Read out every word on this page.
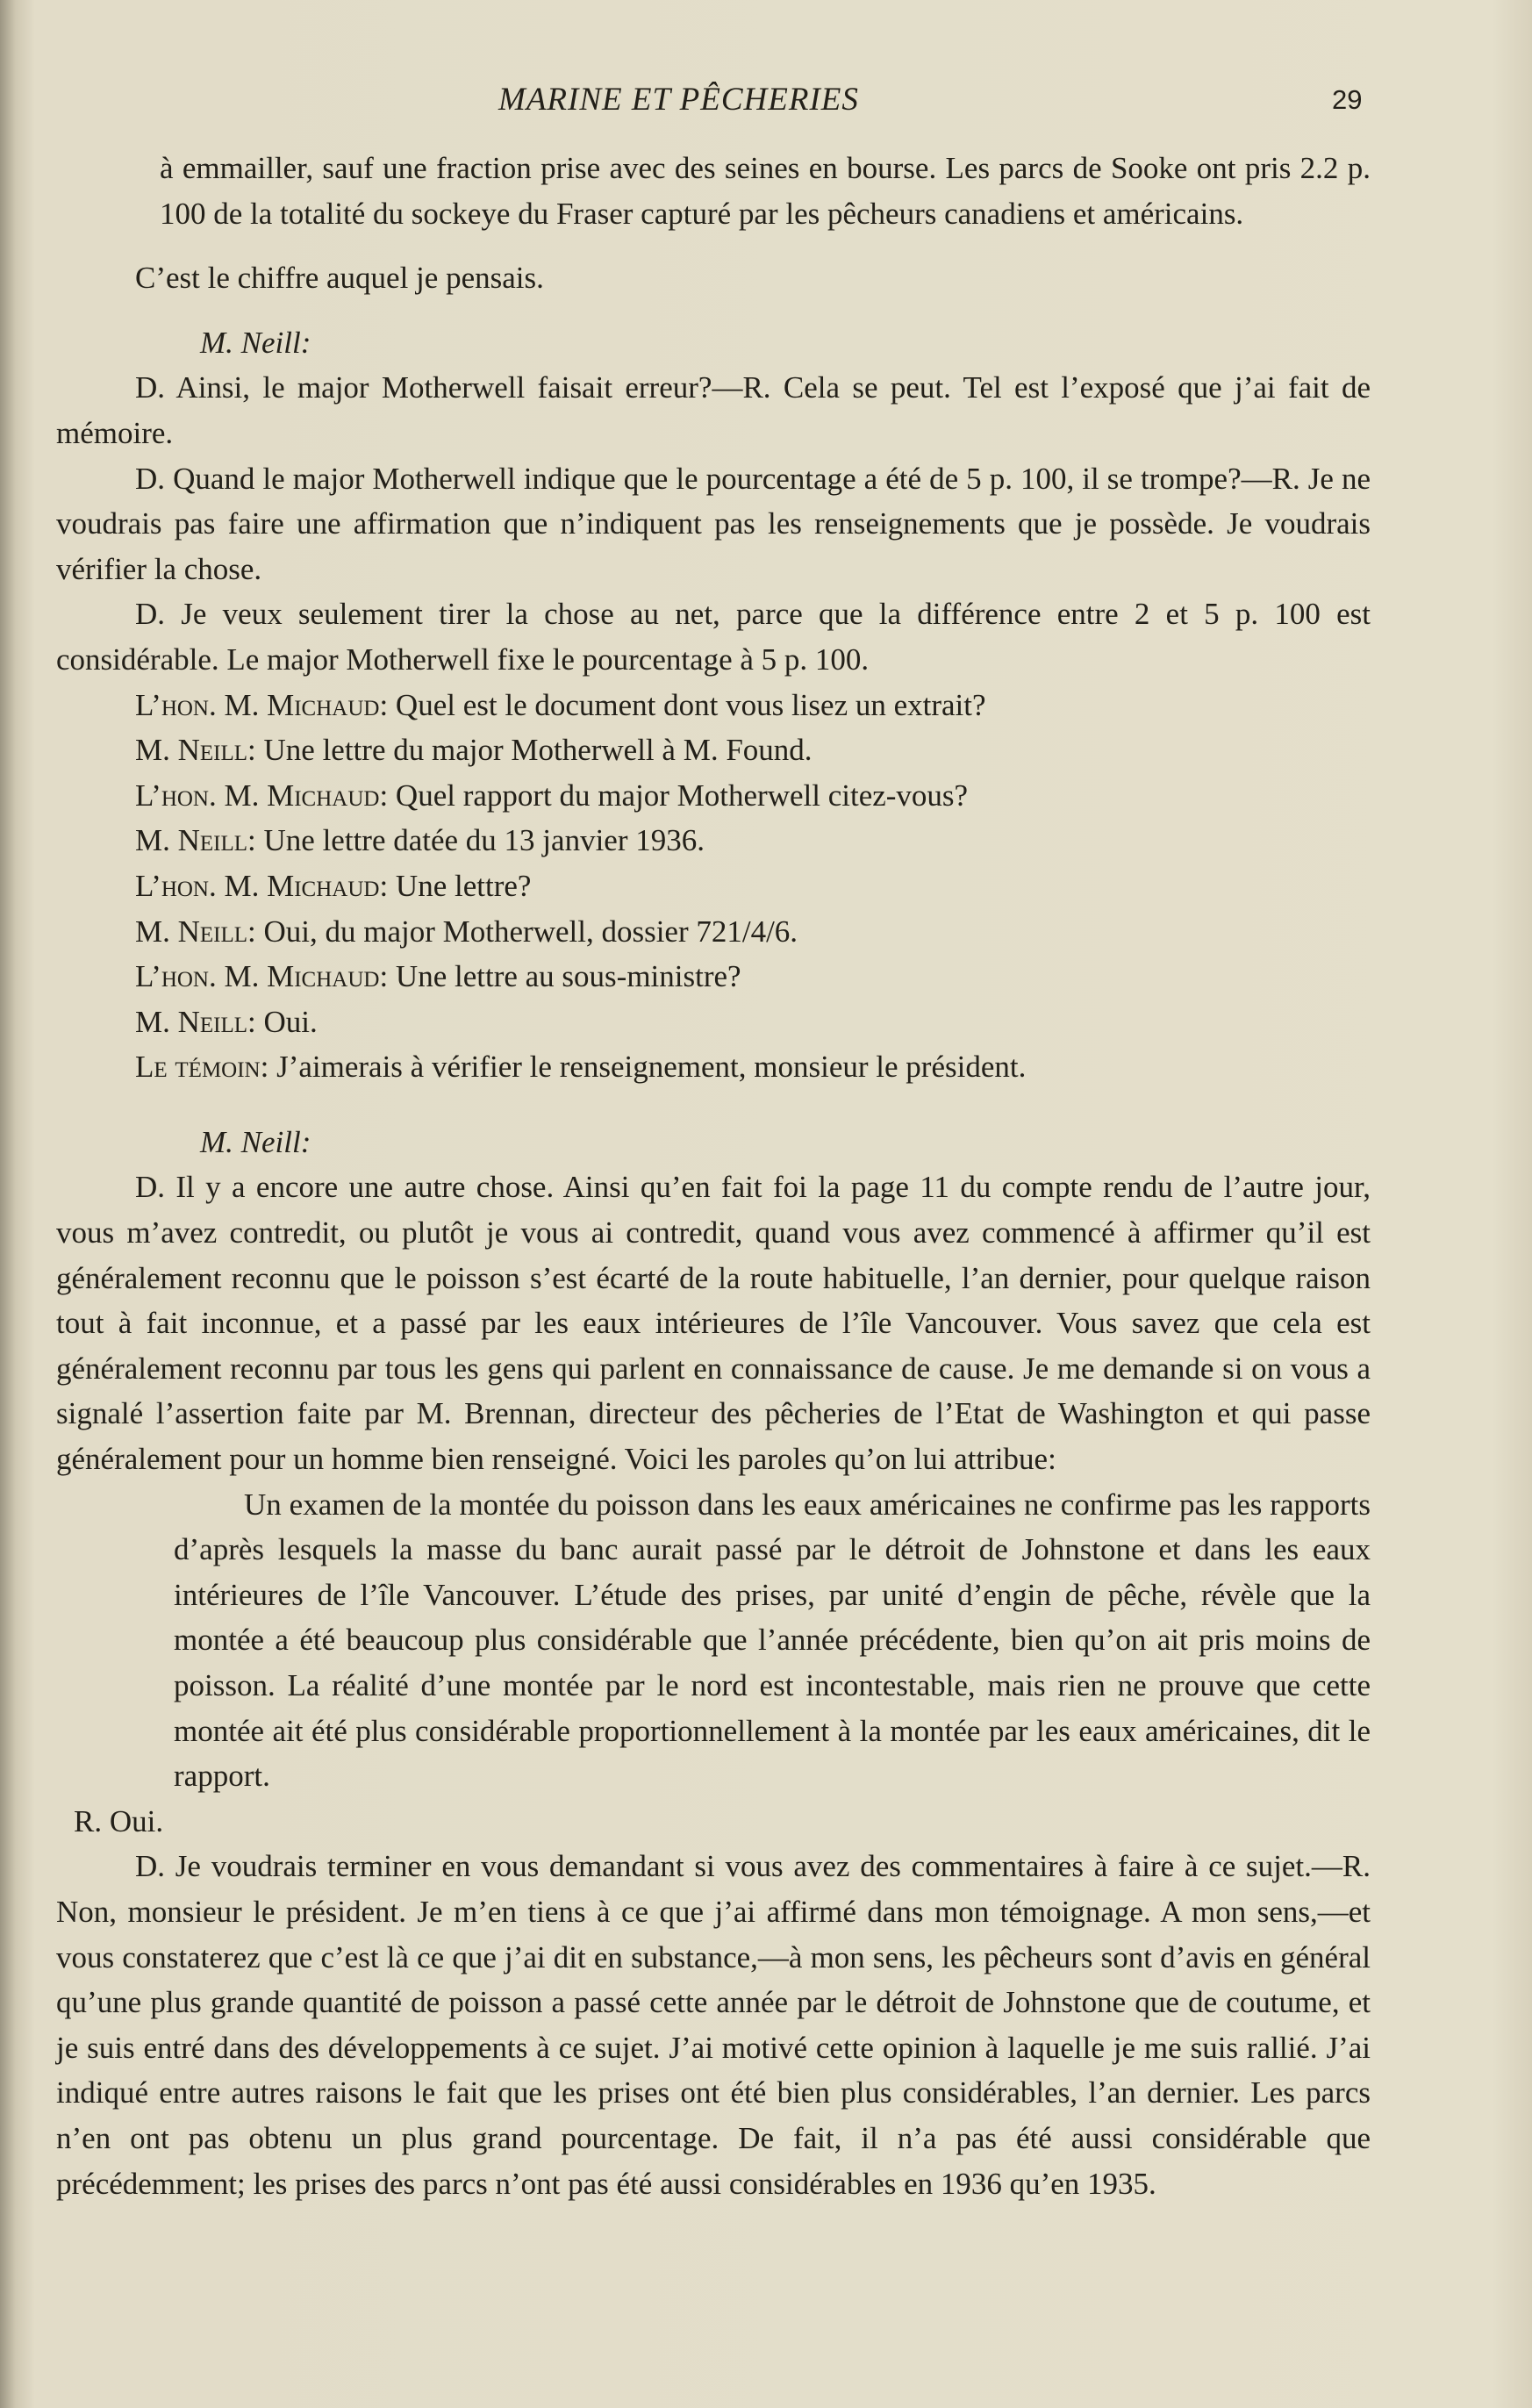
MARINE ET PÊCHERIES	29

à emmailler, sauf une fraction prise avec des seines en bourse. Les parcs de Sooke ont pris 2.2 p. 100 de la totalité du sockeye du Fraser capturé par les pêcheurs canadiens et américains.

C’est le chiffre auquel je pensais.

M. Neill:

D. Ainsi, le major Motherwell faisait erreur?—R. Cela se peut. Tel est l’exposé que j’ai fait de mémoire.

D. Quand le major Motherwell indique que le pourcentage a été de 5 p. 100, il se trompe?—R. Je ne voudrais pas faire une affirmation que n’indiquent pas les renseignements que je possède. Je voudrais vérifier la chose.

D. Je veux seulement tirer la chose au net, parce que la différence entre 2 et 5 p. 100 est considérable. Le major Motherwell fixe le pourcentage à 5 p. 100.

L’hon. M. Michaud: Quel est le document dont vous lisez un extrait?

M. Neill: Une lettre du major Motherwell à M. Found.

L’hon. M. Michaud: Quel rapport du major Motherwell citez-vous?

M. Neill: Une lettre datée du 13 janvier 1936.

L’hon. M. Michaud: Une lettre?

M. Neill: Oui, du major Motherwell, dossier 721/4/6.

L’hon. M. Michaud: Une lettre au sous-ministre?

M. Neill: Oui.

Le témoin: J’aimerais à vérifier le renseignement, monsieur le président.

M. Neill:

D. Il y a encore une autre chose. Ainsi qu’en fait foi la page 11 du compte rendu de l’autre jour, vous m’avez contredit, ou plutôt je vous ai contredit, quand vous avez commencé à affirmer qu’il est généralement reconnu que le poisson s’est écarté de la route habituelle, l’an dernier, pour quelque raison tout à fait inconnue, et a passé par les eaux intérieures de l’île Vancouver. Vous savez que cela est généralement reconnu par tous les gens qui parlent en connaissance de cause. Je me demande si on vous a signalé l’assertion faite par M. Brennan, directeur des pêcheries de l’Etat de Washington et qui passe généralement pour un homme bien renseigné. Voici les paroles qu’on lui attribue:

Un examen de la montée du poisson dans les eaux américaines ne confirme pas les rapports d’après lesquels la masse du banc aurait passé par le détroit de Johnstone et dans les eaux intérieures de l’île Vancouver. L’étude des prises, par unité d’engin de pêche, révèle que la montée a été beaucoup plus considérable que l’année précédente, bien qu’on ait pris moins de poisson. La réalité d’une montée par le nord est incontestable, mais rien ne prouve que cette montée ait été plus considérable proportionnellement à la montée par les eaux américaines, dit le rapport.

R. Oui.

D. Je voudrais terminer en vous demandant si vous avez des commentaires à faire à ce sujet.—R. Non, monsieur le président. Je m’en tiens à ce que j’ai affirmé dans mon témoignage. A mon sens,—et vous constaterez que c’est là ce que j’ai dit en substance,—à mon sens, les pêcheurs sont d’avis en général qu’une plus grande quantité de poisson a passé cette année par le détroit de Johnstone que de coutume, et je suis entré dans des développements à ce sujet. J’ai motivé cette opinion à laquelle je me suis rallié. J’ai indiqué entre autres raisons le fait que les prises ont été bien plus considérables, l’an dernier. Les parcs n’en ont pas obtenu un plus grand pourcentage. De fait, il n’a pas été aussi considérable que précédemment; les prises des parcs n’ont pas été aussi considérables en 1936 qu’en 1935.
